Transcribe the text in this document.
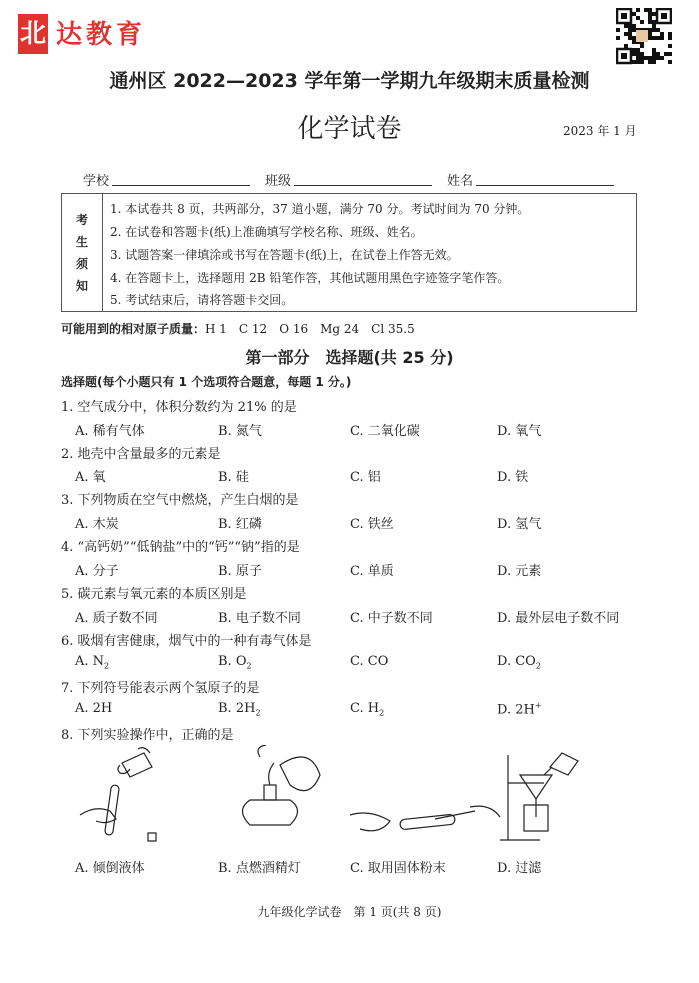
北 达教育
通州区 2022—2023 学年第一学期九年级期末质量检测
化学试卷	2023 年 1 月
学校	班级	姓名
考
生
须
知
1. 本试卷共 8 页，共两部分，37 道小题，满分 70 分。考试时间为 70 分钟。
2. 在试卷和答题卡(纸)上准确填写学校名称、班级、姓名。
3. 试题答案一律填涂或书写在答题卡(纸)上，在试卷上作答无效。
4. 在答题卡上，选择题用 2B 铅笔作答，其他试题用黑色字迹签字笔作答。
5. 考试结束后，请将答题卡交回。
可能用到的相对原子质量：H 1　C 12　O 16　Mg 24　Cl 35.5
第一部分　选择题(共 25 分)
选择题(每个小题只有 1 个选项符合题意，每题 1 分。)
1. 空气成分中，体积分数约为 21% 的是
A. 稀有气体	B. 氮气	C. 二氧化碳	D. 氧气
2. 地壳中含量最多的元素是
A. 氧	B. 硅	C. 铝	D. 铁
3. 下列物质在空气中燃烧，产生白烟的是
A. 木炭	B. 红磷	C. 铁丝	D. 氢气
4. “高钙奶”“低钠盐”中的“钙”“钠”指的是
A. 分子	B. 原子	C. 单质	D. 元素
5. 碳元素与氧元素的本质区别是
A. 质子数不同	B. 电子数不同	C. 中子数不同	D. 最外层电子数不同
6. 吸烟有害健康，烟气中的一种有毒气体是
A. $N_2$	B. $O_2$	C. CO	D. $CO_2$
7. 下列符号能表示两个氢原子的是
A. 2H	B. $2H_2$	C. $H_2$	D. 2H+
8. 下列实验操作中，正确的是
A. 倾倒液体	B. 点燃酒精灯	C. 取用固体粉末	D. 过滤
九年级化学试卷　第 1 页(共 8 页)
